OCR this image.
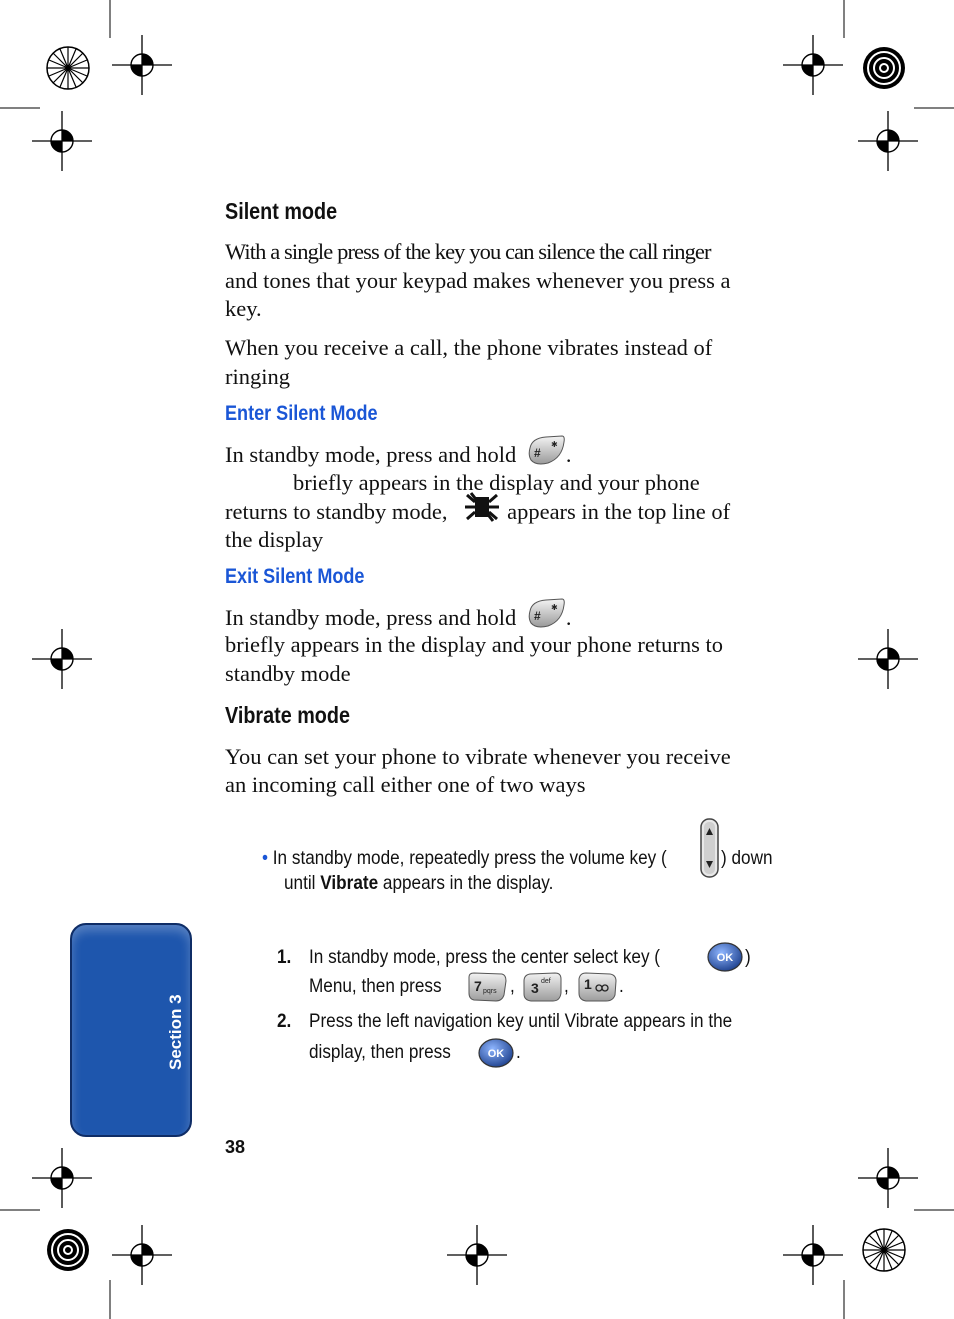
Silent mode
With a single press of the key you can silence the call ringer
and tones that your keypad makes whenever you press a
key.
When you receive a call, the phone vibrates instead of
ringing
Enter Silent Mode
In standby mode, press and hold #
✱ .
briefly appears in the display and your phone
returns to standby mode,	appears in the top line of
the display
Exit Silent Mode
In standby mode, press and hold #
✱ .
briefly appears in the display and your phone returns to
standby mode
Vibrate mode
You can set your phone to vibrate whenever you receive
an incoming call either one of two ways
• In standby mode, repeatedly press the volume key (	) down
until Vibrate appears in the display.
1. In standby mode, press the center select key (	OK )
Menu, then press 7 pqrs , 3 def , 1 .
2. Press the left navigation key until Vibrate appears in the
display, then press	OK .
Section 3
38
